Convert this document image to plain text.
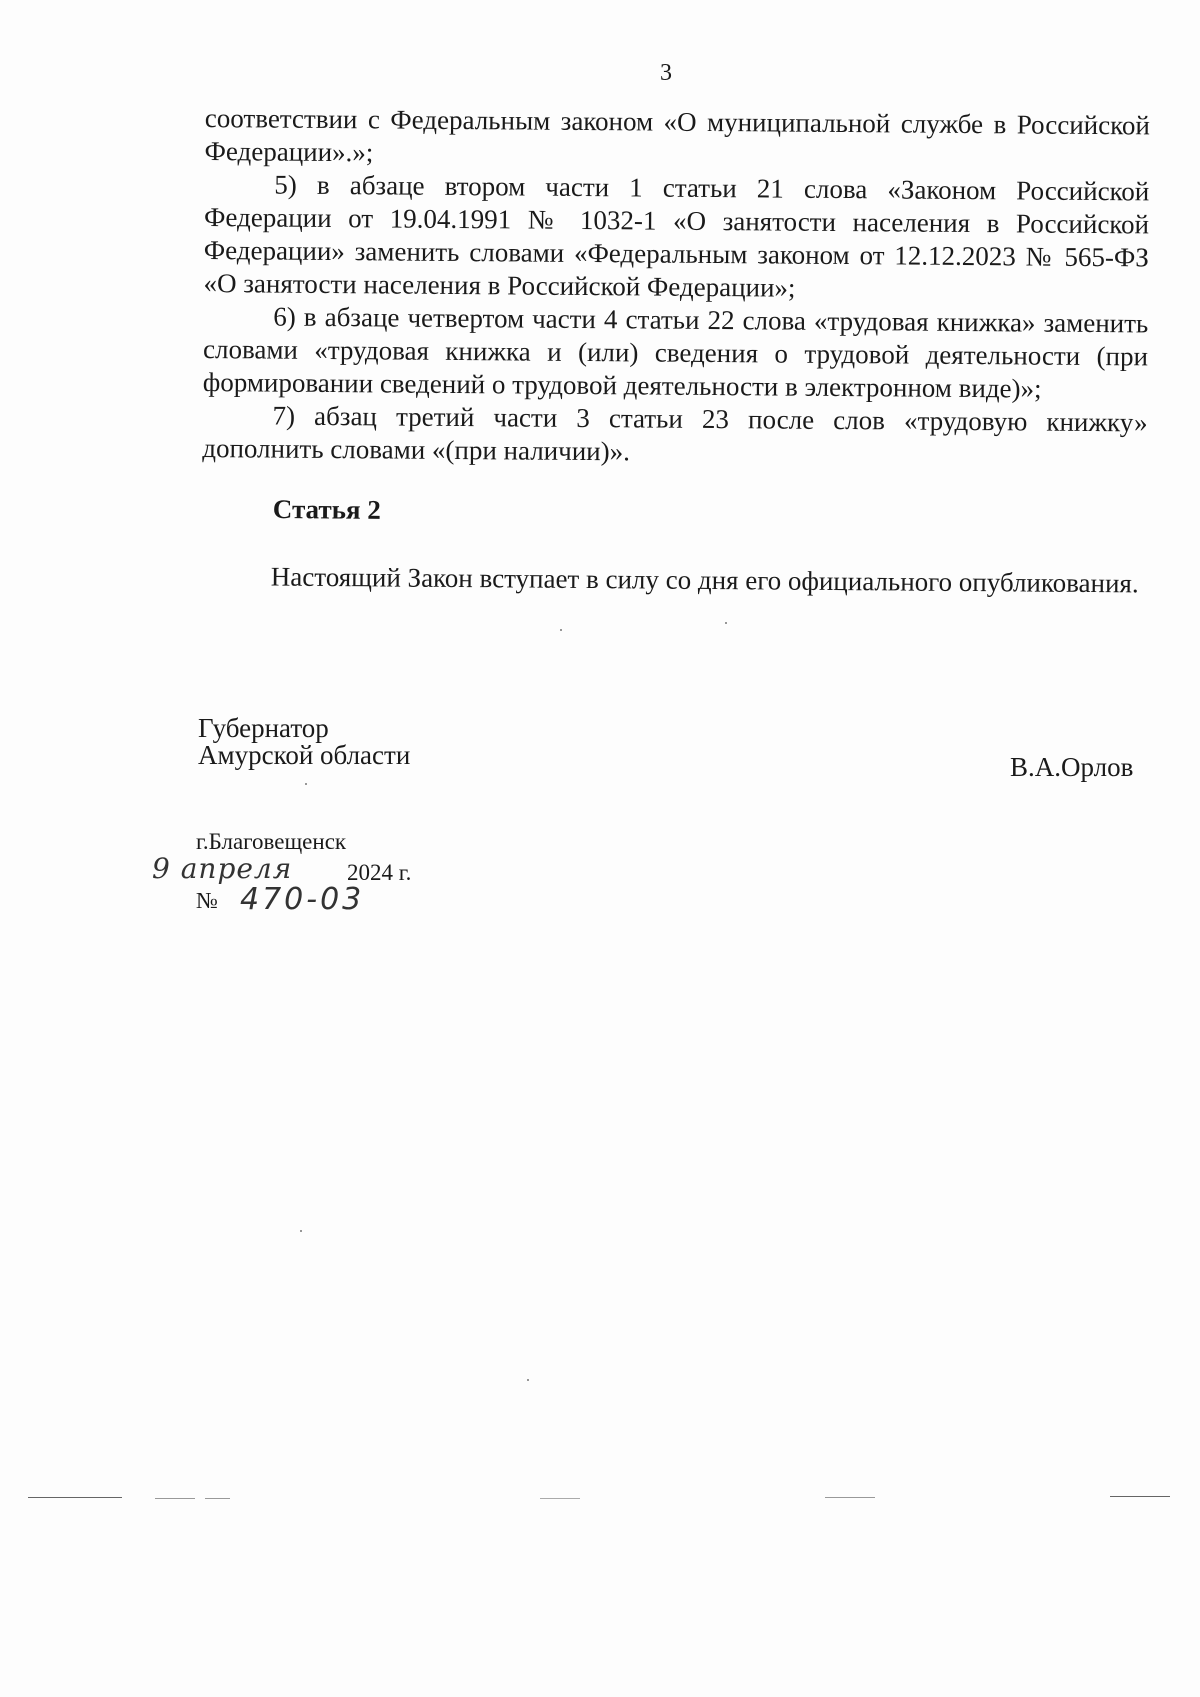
3

соответствии с Федеральным законом «О муниципальной службе в Российской Федерации».»;

5) в абзаце втором части 1 статьи 21 слова «Законом Российской Федерации от 19.04.1991 № 1032-1 «О занятости населения в Российской Федерации» заменить словами «Федеральным законом от 12.12.2023 № 565-ФЗ «О занятости населения в Российской Федерации»;

6) в абзаце четвертом части 4 статьи 22 слова «трудовая книжка» заменить словами «трудовая книжка и (или) сведения о трудовой деятельности (при формировании сведений о трудовой деятельности в электронном виде)»;

7) абзац третий части 3 статьи 23 после слов «трудовую книжку» дополнить словами «(при наличии)».

Статья 2
Настоящий Закон вступает в силу со дня его официального опубликования.
Губернатор
Амурской области	В.А.Орлов
г.Благовещенск
9 апреля 2024 г.
№ 470-03
